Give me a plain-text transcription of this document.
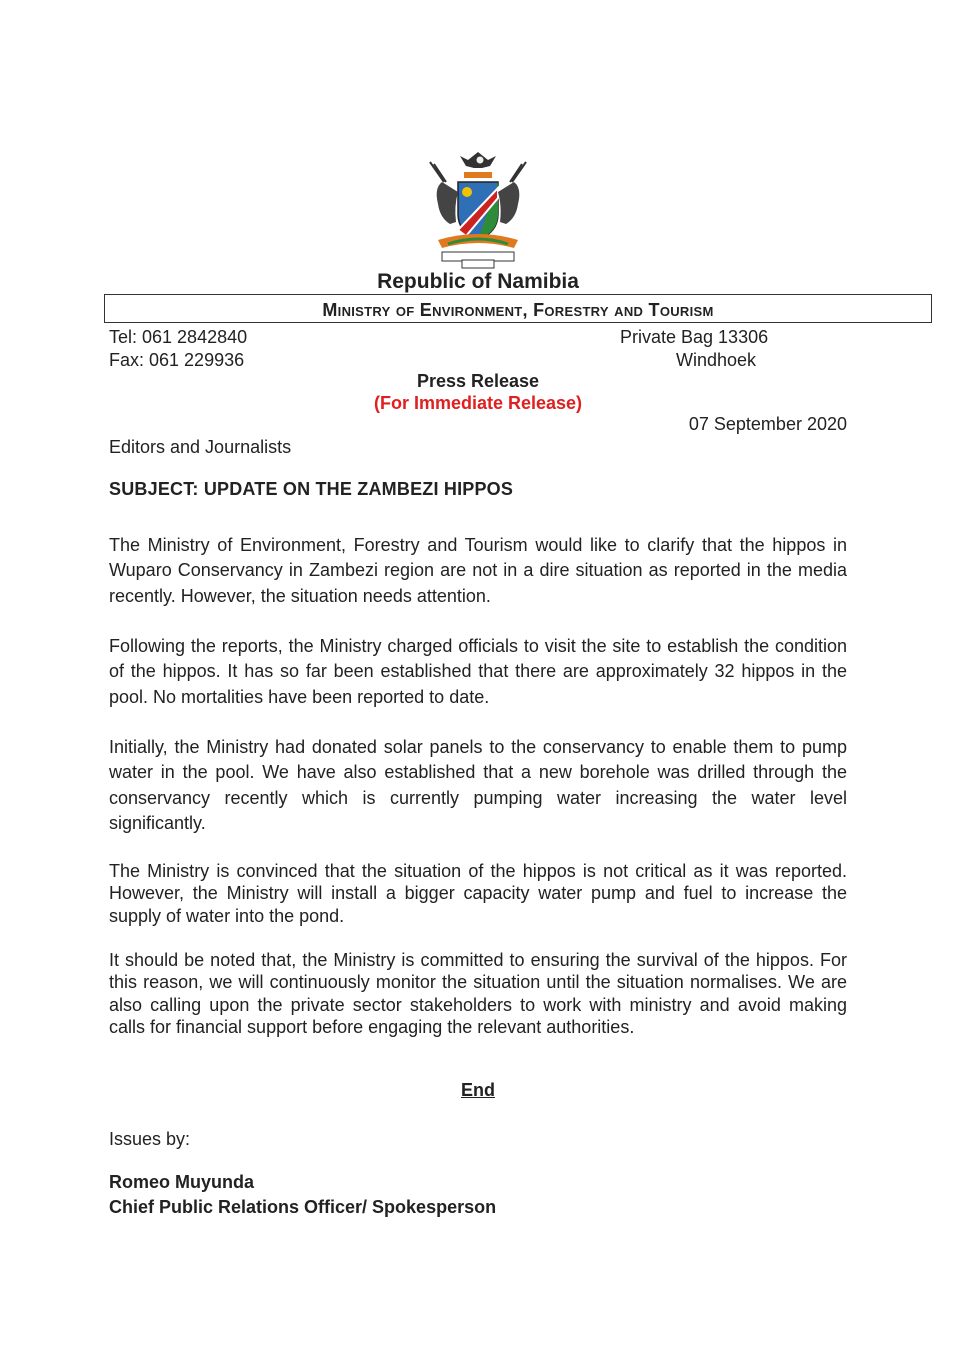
Republic of Namibia
Ministry of Environment, Forestry and Tourism
Tel: 061 2842840
Fax: 061 229936
Private Bag 13306
Windhoek
Press Release
(For Immediate Release)
07 September 2020
Editors and Journalists
SUBJECT: UPDATE ON THE ZAMBEZI HIPPOS
The Ministry of Environment, Forestry and Tourism would like to clarify that the hippos in Wuparo Conservancy in Zambezi region are not in a dire situation as reported in the media recently. However, the situation needs attention.
Following the reports, the Ministry charged officials to visit the site to establish the condition of the hippos. It has so far been established that there are approximately 32 hippos in the pool. No mortalities have been reported to date.
Initially, the Ministry had donated solar panels to the conservancy to enable them to pump water in the pool. We have also established that a new borehole was drilled through the conservancy recently which is currently pumping water increasing the water level significantly.
The Ministry is convinced that the situation of the hippos is not critical as it was reported. However, the Ministry will install a bigger capacity water pump and fuel to increase the supply of water into the pond.
It should be noted that, the Ministry is committed to ensuring the survival of the hippos. For this reason, we will continuously monitor the situation until the situation normalises. We are also calling upon the private sector stakeholders to work with ministry and avoid making calls for financial support before engaging the relevant authorities.
End
Issues by:
Romeo Muyunda
Chief Public Relations Officer/ Spokesperson
